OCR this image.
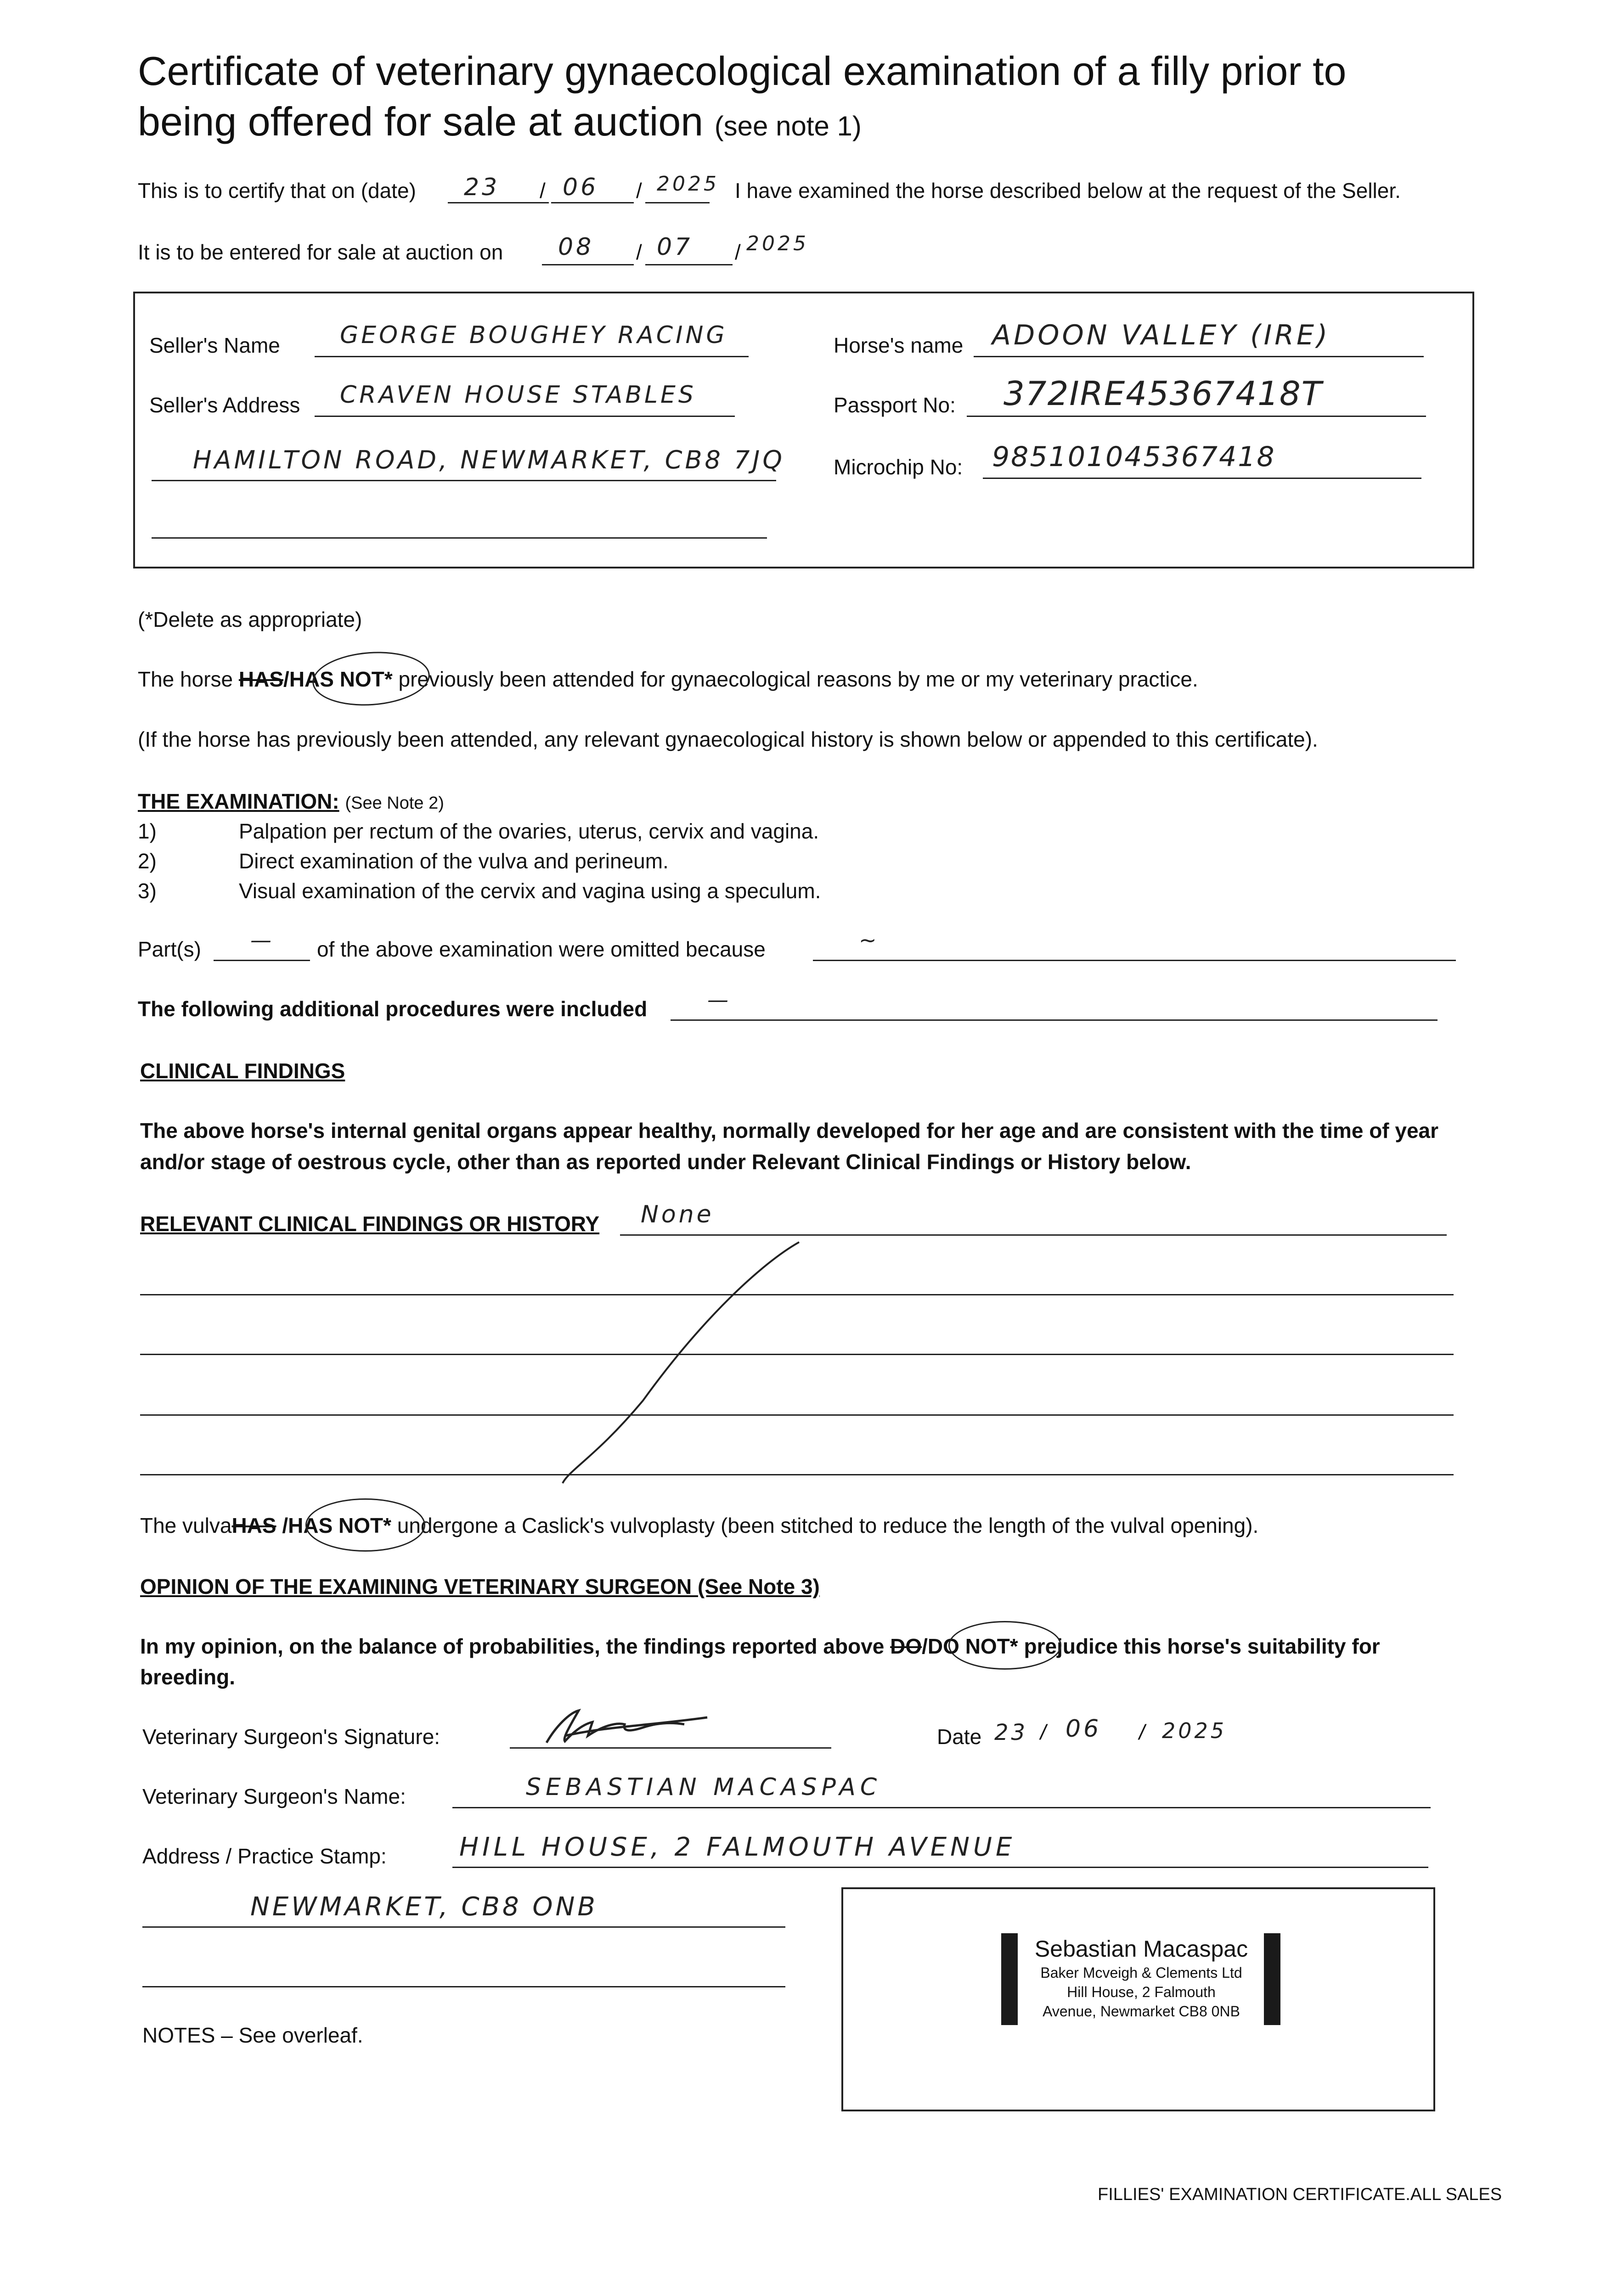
Certificate of veterinary gynaecological examination of a filly prior to
being offered for sale at auction (see note 1)
This is to certify that on (date) 23 / 06 / 2025 I have examined the horse described below at the request of the Seller.
It is to be entered for sale at auction on 08 / 07 / 2025
Seller's Name	GEORGE BOUGHEY RACING
Seller's Address CRAVEN HOUSE STABLES
HAMILTON ROAD, NEWMARKET, CB8 7JQ
Horse's name ADOON VALLEY (IRE)
Passport No: 372IRE45367418T
Microchip No: 985101045367418
(*Delete as appropriate)
The horse HAS/HAS NOT* previously been attended for gynaecological reasons by me or my veterinary practice.
(If the horse has previously been attended, any relevant gynaecological history is shown below or appended to this certificate).
THE EXAMINATION: (See Note 2)
1)	Palpation per rectum of the ovaries, uterus, cervix and vagina.
2)	Direct examination of the vulva and perineum.
3)	Visual examination of the cervix and vagina using a speculum.
Part(s) — of the above examination were omitted because	~
The following additional procedures were included	—
CLINICAL FINDINGS
The above horse's internal genital organs appear healthy, normally developed for her age and are consistent with the time of year
and/or stage of oestrous cycle, other than as reported under Relevant Clinical Findings or History below.
RELEVANT CLINICAL FINDINGS OR HISTORY None
The vulvaHAS /HAS NOT* undergone a Caslick's vulvoplasty (been stitched to reduce the length of the vulval opening).
OPINION OF THE EXAMINING VETERINARY SURGEON (See Note 3)
In my opinion, on the balance of probabilities, the findings reported above DO/DO NOT* prejudice this horse's suitability for
breeding.
Veterinary Surgeon's Signature:	Date 23 / 06 / 2025
Veterinary Surgeon's Name:	SEBASTIAN MACASPAC
Address / Practice Stamp:	HILL HOUSE, 2 FALMOUTH AVENUE
NEWMARKET, CB8 ONB
Sebastian Macaspac
Baker Mcveigh & Clements Ltd
Hill House, 2 Falmouth
Avenue, Newmarket CB8 0NB
NOTES – See overleaf.
FILLIES' EXAMINATION CERTIFICATE.ALL SALES
